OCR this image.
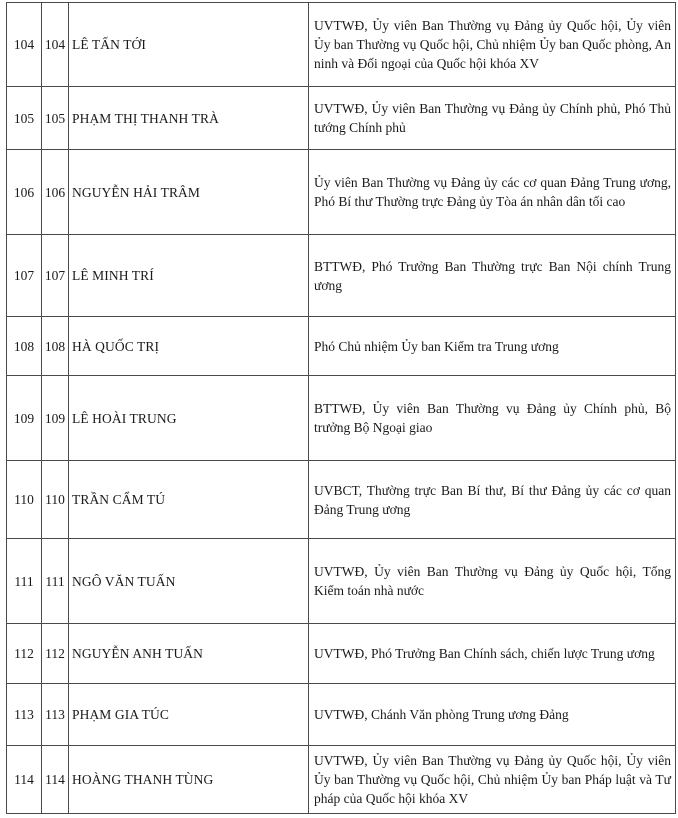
104	104	LÊ TẤN TỚI	UVTWĐ, Ủy viên Ban Thường vụ Đảng ủy Quốc hội, Ủy viên Ủy ban Thường vụ Quốc hội, Chủ nhiệm Ủy ban Quốc phòng, An ninh và Đối ngoại của Quốc hội khóa XV
105	105	PHẠM THỊ THANH TRÀ	UVTWĐ, Ủy viên Ban Thường vụ Đảng ủy Chính phủ, Phó Thủ tướng Chính phủ
106	106	NGUYỄN HẢI TRÂM	Ủy viên Ban Thường vụ Đảng ủy các cơ quan Đảng Trung ương, Phó Bí thư Thường trực Đảng ủy Tòa án nhân dân tối cao
107	107	LÊ MINH TRÍ	BTTWĐ, Phó Trưởng Ban Thường trực Ban Nội chính Trung ương
108	108	HÀ QUỐC TRỊ	Phó Chủ nhiệm Ủy ban Kiểm tra Trung ương
109	109	LÊ HOÀI TRUNG	BTTWĐ, Ủy viên Ban Thường vụ Đảng ủy Chính phủ, Bộ trưởng Bộ Ngoại giao
110	110	TRẦN CẨM TÚ	UVBCT, Thường trực Ban Bí thư, Bí thư Đảng ủy các cơ quan Đảng Trung ương
111	111	NGÔ VĂN TUẤN	UVTWĐ, Ủy viên Ban Thường vụ Đảng ủy Quốc hội, Tổng Kiểm toán nhà nước
112	112	NGUYỄN ANH TUẤN	UVTWĐ, Phó Trưởng Ban Chính sách, chiến lược Trung ương
113	113	PHẠM GIA TÚC	UVTWĐ, Chánh Văn phòng Trung ương Đảng
114	114	HOÀNG THANH TÙNG	UVTWĐ, Ủy viên Ban Thường vụ Đảng ủy Quốc hội, Ủy viên Ủy ban Thường vụ Quốc hội, Chủ nhiệm Ủy ban Pháp luật và Tư pháp của Quốc hội khóa XV
